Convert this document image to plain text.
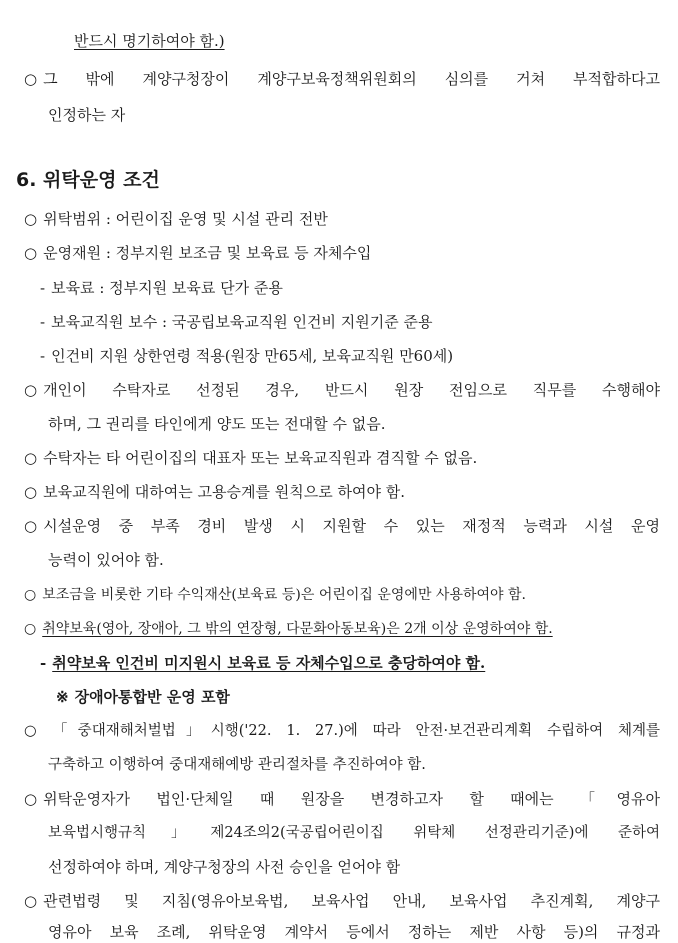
반드시 명기하여야 함.)
○ 그 밖에 계양구청장이 계양구보육정책위원회의 심의를 거쳐 부적합하다고
인정하는 자
6. 위탁운영 조건
○ 위탁범위 : 어린이집 운영 및 시설 관리 전반
○ 운영재원 : 정부지원 보조금 및 보육료 등 자체수입
- 보육료 : 정부지원 보육료 단가 준용
- 보육교직원 보수 : 국공립보육교직원 인건비 지원기준 준용
- 인건비 지원 상한연령 적용(원장 만65세, 보육교직원 만60세)
○ 개인이 수탁자로 선정된 경우, 반드시 원장 전임으로 직무를 수행해야
하며, 그 권리를 타인에게 양도 또는 전대할 수 없음.
○ 수탁자는 타 어린이집의 대표자 또는 보육교직원과 겸직할 수 없음.
○ 보육교직원에 대하여는 고용승계를 원칙으로 하여야 함.
○ 시설운영 중 부족 경비 발생 시 지원할 수 있는 재정적 능력과 시설 운영
능력이 있어야 함.
○ 보조금을 비롯한 기타 수익재산(보육료 등)은 어린이집 운영에만 사용하여야 함.
○ 취약보육(영아, 장애아, 그 밖의 연장형, 다문화아동보육)은 2개 이상 운영하여야 함.
- 취약보육 인건비 미지원시 보육료 등 자체수입으로 충당하여야 함.
※ 장애아통합반 운영 포함
○ 「중대재해처벌법」시행('22. 1. 27.)에 따라 안전·보건관리계획 수립하여 체계를
구축하고 이행하여 중대재해예방 관리절차를 추진하여야 함.
○ 위탁운영자가 법인·단체일 때 원장을 변경하고자 할 때에는 「영유아
보육법시행규칙」제24조의2(국공립어린이집 위탁체 선정관리기준)에 준하여
선정하여야 하며, 계양구청장의 사전 승인을 얻어야 함
○ 관련법령 및 지침(영유아보육법, 보육사업 안내, 보육사업 추진계획, 계양구
영유아 보육 조례, 위탁운영 계약서 등에서 정하는 제반 사항 등)의 규정과
